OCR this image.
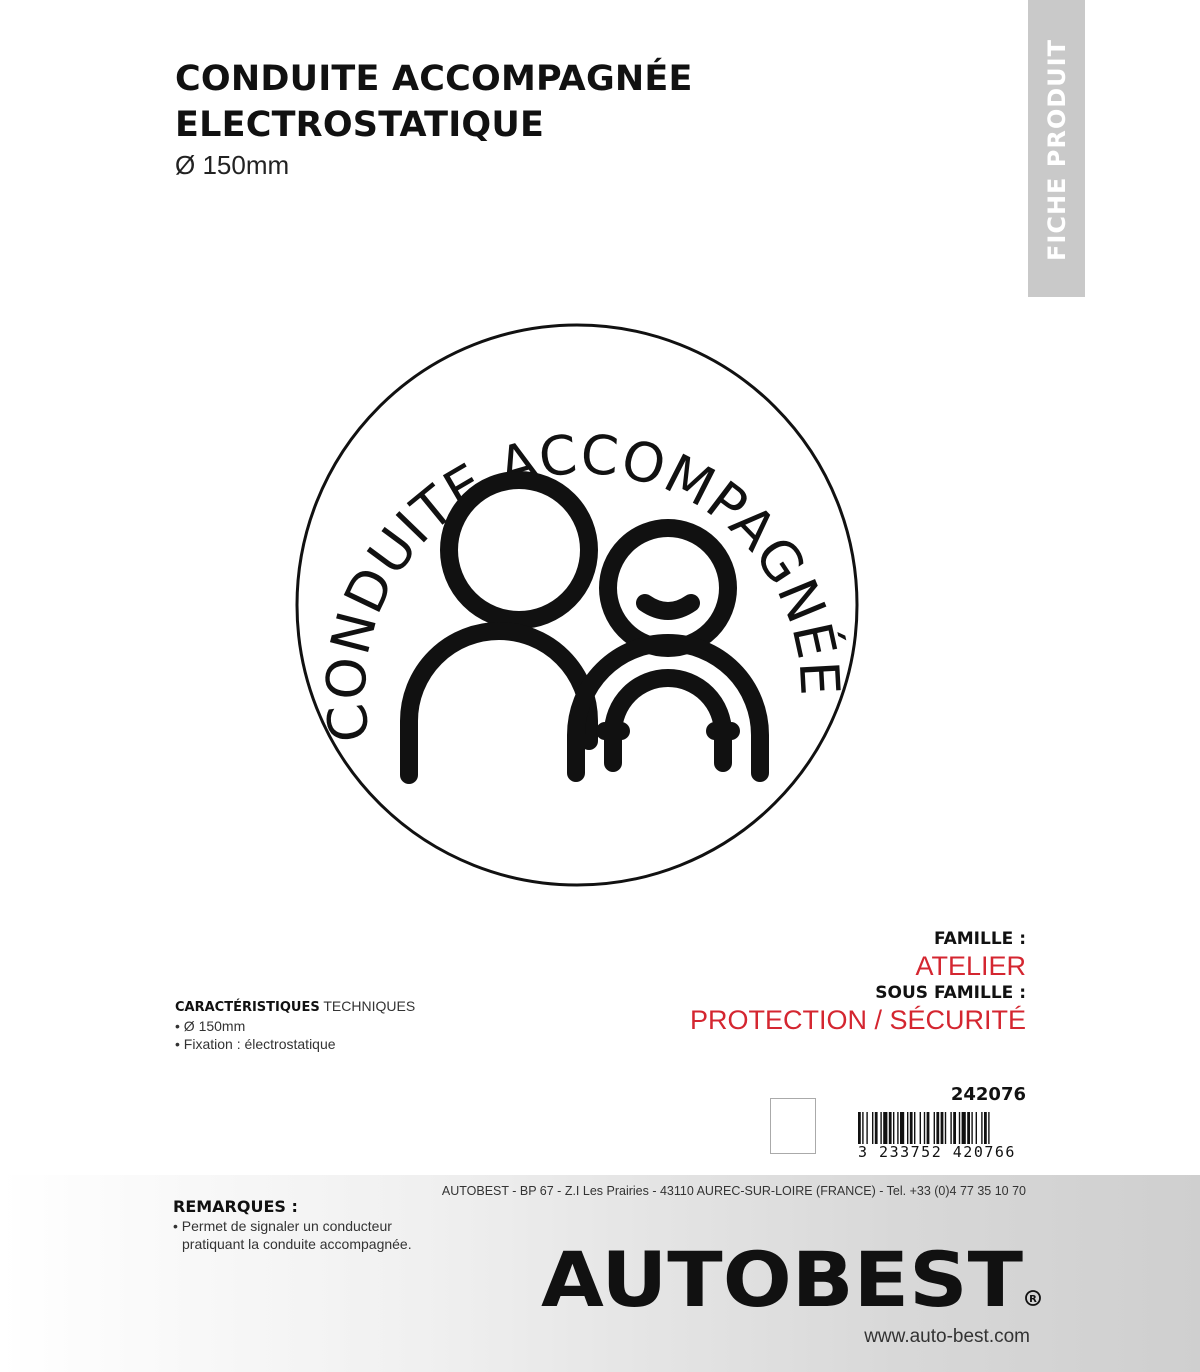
CONDUITE ACCOMPAGNÉE
ELECTROSTATIQUE
Ø 150mm	FICHE PRODUIT
CONDUITE ACCOMPAGNÉE
FAMILLE :
ATELIER
SOUS FAMILLE :
PROTECTION / SÉCURITÉ
CARACTÉRISTIQUES TECHNIQUES
• Ø 150mm
• Fixation : électrostatique
242076
3 233752 420766
AUTOBEST - BP 67 - Z.I Les Prairies - 43110 AUREC-SUR-LOIRE (FRANCE) - Tel. +33 (0)4 77 35 10 70
REMARQUES :
• Permet de signaler un conducteur
pratiquant la conduite accompagnée. AUTOBEST R
www.auto-best.com
